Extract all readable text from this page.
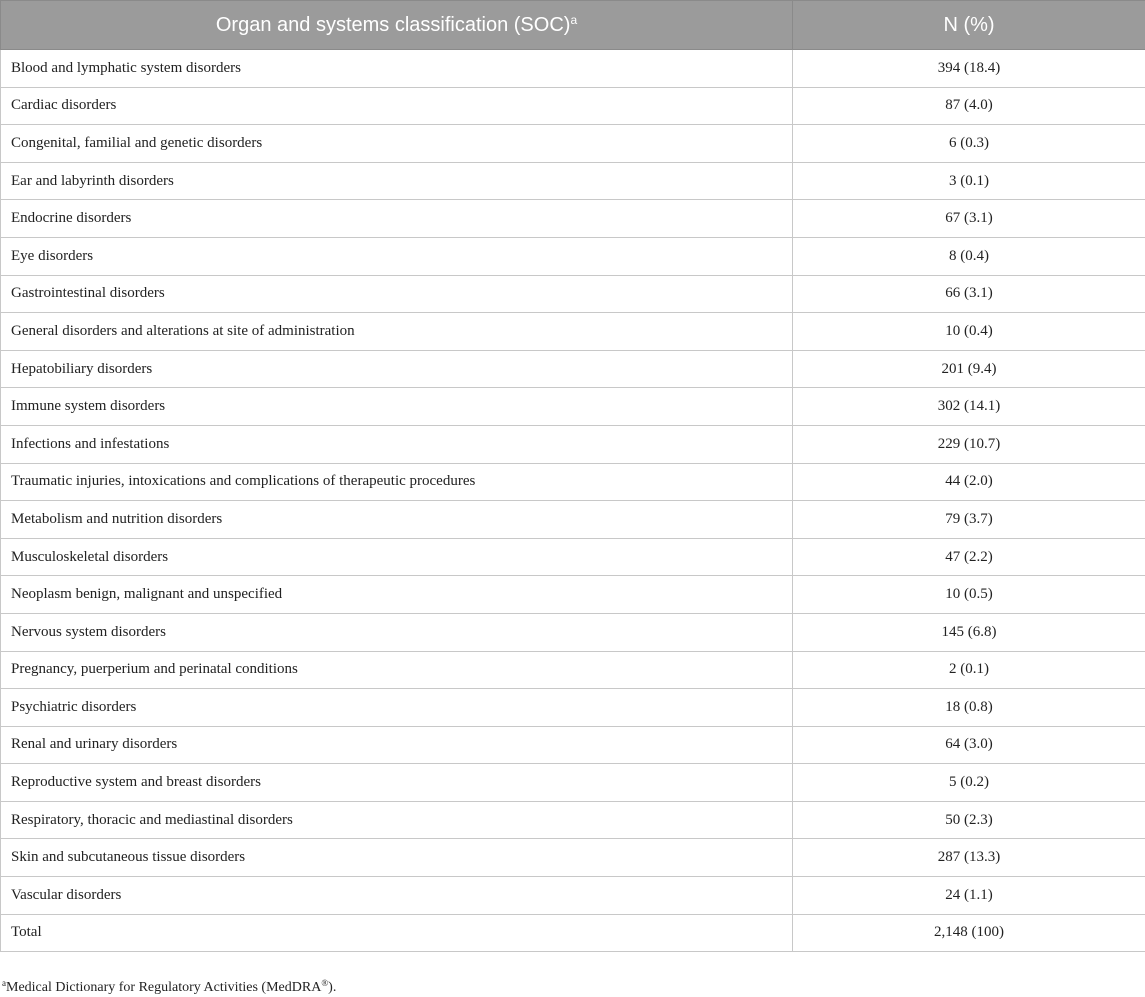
Organ and systems classification (SOC)$^a$	N (%)
Blood and lymphatic system disorders	394 (18.4)
Cardiac disorders	87 (4.0)
Congenital, familial and genetic disorders	6 (0.3)
Ear and labyrinth disorders	3 (0.1)
Endocrine disorders	67 (3.1)
Eye disorders	8 (0.4)
Gastrointestinal disorders	66 (3.1)
General disorders and alterations at site of administration	10 (0.4)
Hepatobiliary disorders	201 (9.4)
Immune system disorders	302 (14.1)
Infections and infestations	229 (10.7)
Traumatic injuries, intoxications and complications of therapeutic procedures	44 (2.0)
Metabolism and nutrition disorders	79 (3.7)
Musculoskeletal disorders	47 (2.2)
Neoplasm benign, malignant and unspecified	10 (0.5)
Nervous system disorders	145 (6.8)
Pregnancy, puerperium and perinatal conditions	2 (0.1)
Psychiatric disorders	18 (0.8)
Renal and urinary disorders	64 (3.0)
Reproductive system and breast disorders	5 (0.2)
Respiratory, thoracic and mediastinal disorders	50 (2.3)
Skin and subcutaneous tissue disorders	287 (13.3)
Vascular disorders	24 (1.1)
Total	2,148 (100)
$^a$Medical Dictionary for Regulatory Activities (MedDRA®).
